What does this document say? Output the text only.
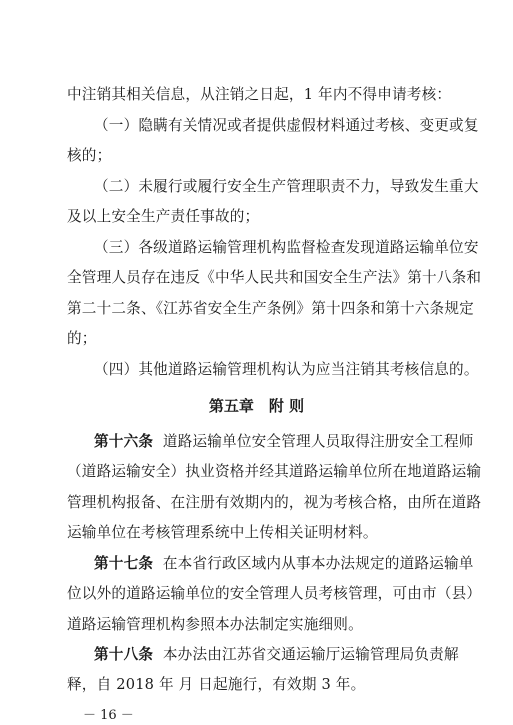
中注销其相关信息，从注销之日起，1 年内不得申请考核：
（一）隐瞒有关情况或者提供虚假材料通过考核、变更或复
核的；
（二）未履行或履行安全生产管理职责不力，导致发生重大
及以上安全生产责任事故的；
（三）各级道路运输管理机构监督检查发现道路运输单位安
全管理人员存在违反《中华人民共和国安全生产法》第十八条和
第二十二条、《江苏省安全生产条例》第十四条和第十六条规定
的；
（四）其他道路运输管理机构认为应当注销其考核信息的。
第五章　附 则
第十六条 道路运输单位安全管理人员取得注册安全工程师
（道路运输安全）执业资格并经其道路运输单位所在地道路运输
管理机构报备、在注册有效期内的，视为考核合格，由所在道路
运输单位在考核管理系统中上传相关证明材料。
第十七条 在本省行政区域内从事本办法规定的道路运输单
位以外的道路运输单位的安全管理人员考核管理，可由市（县）
道路运输管理机构参照本办法制定实施细则。
第十八条 本办法由江苏省交通运输厅运输管理局负责解
释，自 2018 年 月 日起施行，有效期 3 年。
－ 16 －
